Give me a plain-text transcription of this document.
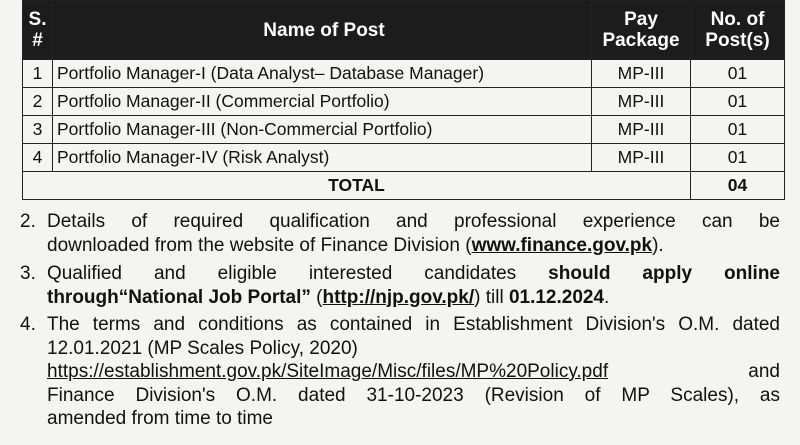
S. #	Name of Post	Pay Package	No. of Post(s)
1	Portfolio Manager-I (Data Analyst– Database Manager)	MP-III	01
2	Portfolio Manager-II (Commercial Portfolio)	MP-III	01
3	Portfolio Manager-III (Non-Commercial Portfolio)	MP-III	01
4	Portfolio Manager-IV (Risk Analyst)	MP-III	01
TOTAL			04
2. Details of required qualification and professional experience can be
downloaded from the website of Finance Division (www.finance.gov.pk).
3. Qualified and eligible interested candidates should apply online
through“National Job Portal” (http://njp.gov.pk/) till 01.12.2024.
4. The terms and conditions as contained in Establishment Division's O.M. dated
12.01.2021 (MP Scales Policy, 2020)
https://establishment.gov.pk/SiteImage/Misc/files/MP%20Policy.pdf	and
Finance Division's O.M. dated 31-10-2023 (Revision of MP Scales), as
amended from time to time
